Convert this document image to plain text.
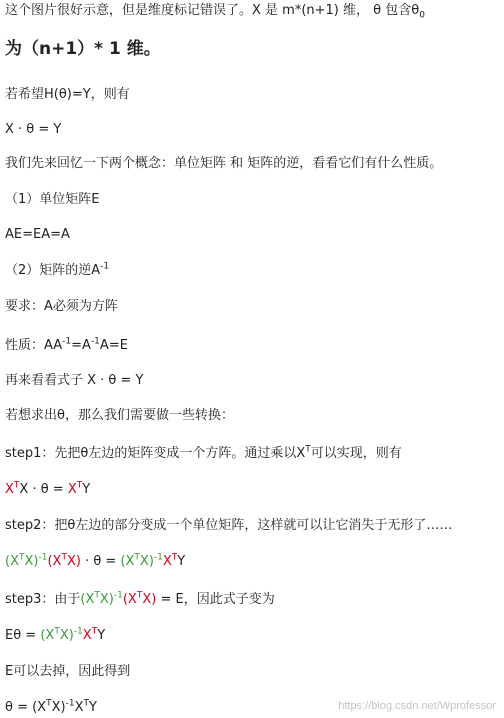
这个图片很好示意，但是维度标记错误了。X 是 m*(n+1) 维， θ 包含$\theta_0$
为（n+1）* 1 维。
若希望H(θ)=Y，则有
X · θ = Y
我们先来回忆一下两个概念：单位矩阵 和 矩阵的逆，看看它们有什么性质。
（1）单位矩阵E
AE=EA=A
（2）矩阵的逆$A^{-1}$
要求：A必须为方阵
性质：$AA^{-1}=A^{-1}A=E$
再来看看式子 X · θ = Y
若想求出θ，那么我们需要做一些转换：
step1：先把θ左边的矩阵变成一个方阵。通过乘以$X^T$可以实现，则有
$X^TX \cdot \theta = X^TY$
step2：把θ左边的部分变成一个单位矩阵，这样就可以让它消失于无形了……
$(X^TX)^{-1}(X^TX) \cdot \theta = (X^TX)^{-1}X^TY$
step3：由于$(X^TX)^{-1}(X^TX) = E$，因此式子变为
$E\theta = (X^TX)^{-1}X^TY$
E可以去掉，因此得到
$\theta = (X^TX)^{-1}X^TY$	https://blog.csdn.net/Wprofessor
